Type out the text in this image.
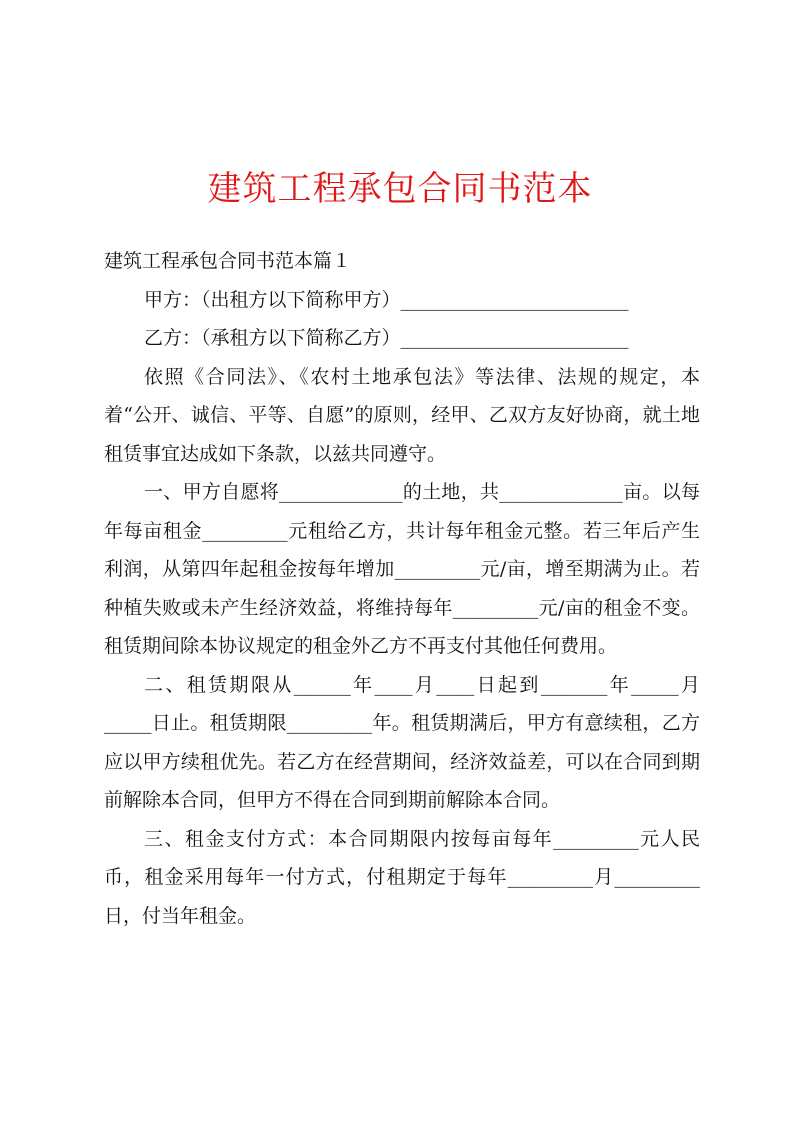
建筑工程承包合同书范本

建筑工程承包合同书范本篇１

甲方：（出租方以下简称甲方）________________________

乙方：（承租方以下简称乙方）________________________

依照《合同法》、《农村土地承包法》等法律、法规的规定，本着“公开、诚信、平等、自愿”的原则，经甲、乙双方友好协商，就土地租赁事宜达成如下条款，以兹共同遵守。

一、甲方自愿将_____________的土地，共_____________亩。以每年每亩租金_________元租给乙方，共计每年租金元整。若三年后产生利润，从第四年起租金按每年增加_________元/亩，增至期满为止。若种植失败或未产生经济效益，将维持每年_________元/亩的租金不变。租赁期间除本协议规定的租金外乙方不再支付其他任何费用。

二、租赁期限从______年____月____日起到_______年_____月_____日止。租赁期限_________年。租赁期满后，甲方有意续租，乙方应以甲方续租优先。若乙方在经营期间，经济效益差，可以在合同到期前解除本合同，但甲方不得在合同到期前解除本合同。

三、租金支付方式：本合同期限内按每亩每年_________元人民币，租金采用每年一付方式，付租期定于每年_________月_________日，付当年租金。
